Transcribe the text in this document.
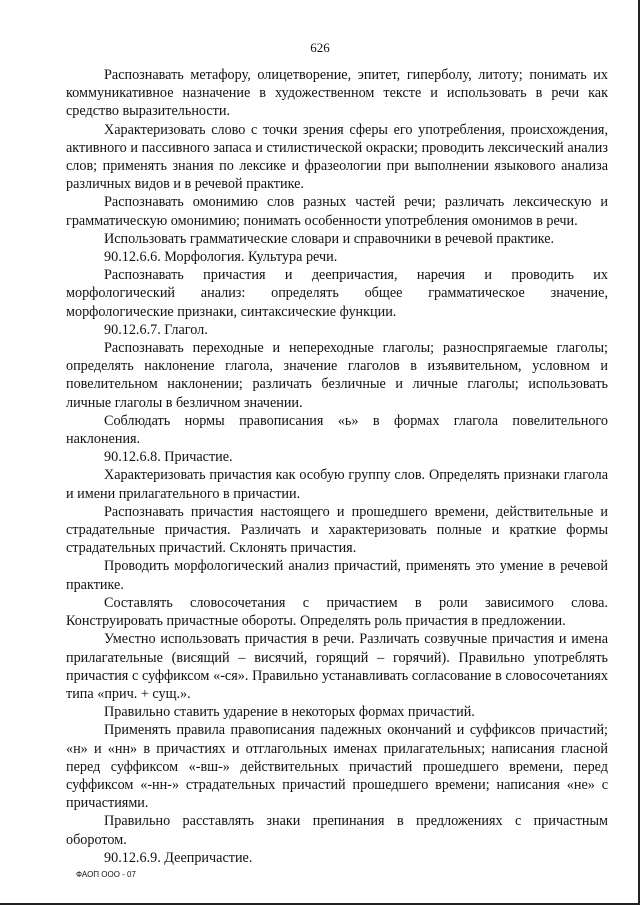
626

Распознавать метафору, олицетворение, эпитет, гиперболу, литоту; понимать их коммуникативное назначение в художественном тексте и использовать в речи как средство выразительности.

Характеризовать слово с точки зрения сферы его употребления, происхождения, активного и пассивного запаса и стилистической окраски; проводить лексический анализ слов; применять знания по лексике и фразеологии при выполнении языкового анализа различных видов и в речевой практике.

Распознавать омонимию слов разных частей речи; различать лексическую и грамматическую омонимию; понимать особенности употребления омонимов в речи.

Использовать грамматические словари и справочники в речевой практике.

90.12.6.6. Морфология. Культура речи.

Распознавать причастия и деепричастия, наречия и проводить их морфологический анализ: определять общее грамматическое значение, морфологические признаки, синтаксические функции.

90.12.6.7. Глагол.

Распознавать переходные и непереходные глаголы; разноспрягаемые глаголы; определять наклонение глагола, значение глаголов в изъявительном, условном и повелительном наклонении; различать безличные и личные глаголы; использовать личные глаголы в безличном значении.

Соблюдать нормы правописания «ь» в формах глагола повелительного наклонения.

90.12.6.8. Причастие.

Характеризовать причастия как особую группу слов. Определять признаки глагола и имени прилагательного в причастии.

Распознавать причастия настоящего и прошедшего времени, действительные и страдательные причастия. Различать и характеризовать полные и краткие формы страдательных причастий. Склонять причастия.

Проводить морфологический анализ причастий, применять это умение в речевой практике.

Составлять словосочетания с причастием в роли зависимого слова. Конструировать причастные обороты. Определять роль причастия в предложении.

Уместно использовать причастия в речи. Различать созвучные причастия и имена прилагательные (висящий – висячий, горящий – горячий). Правильно употреблять причастия с суффиксом «-ся». Правильно устанавливать согласование в словосочетаниях типа «прич. + сущ.».

Правильно ставить ударение в некоторых формах причастий.

Применять правила правописания падежных окончаний и суффиксов причастий; «н» и «нн» в причастиях и отглагольных именах прилагательных; написания гласной перед суффиксом «-вш-» действительных причастий прошедшего времени, перед суффиксом «-нн-» страдательных причастий прошедшего времени; написания «не» с причастиями.

Правильно расставлять знаки препинания в предложениях с причастным оборотом.

90.12.6.9. Деепричастие.

ФАОП ООО - 07
